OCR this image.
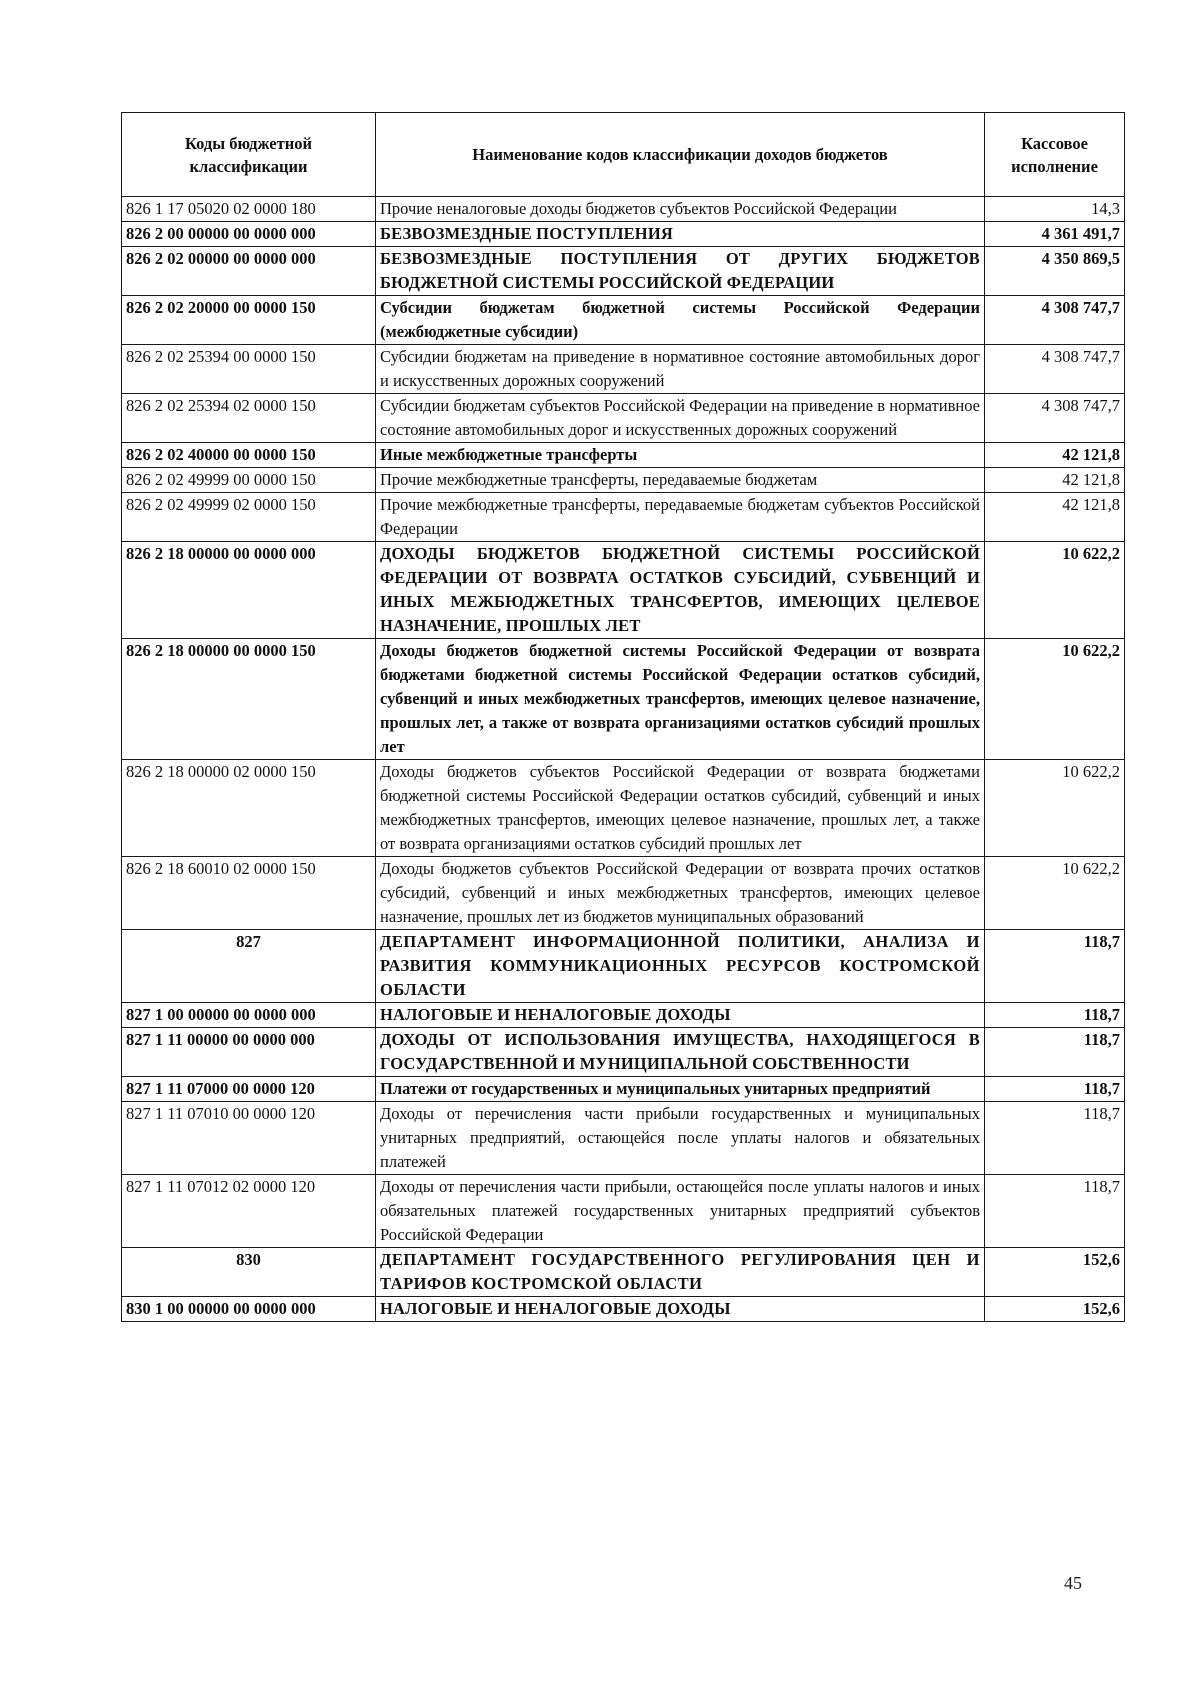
Коды бюджетной классификации	Наименование кодов классификации доходов бюджетов	Кассовое исполнение
826 1 17 05020 02 0000 180	Прочие неналоговые доходы бюджетов субъектов Российской Федерации	14,3
826 2 00 00000 00 0000 000	БЕЗВОЗМЕЗДНЫЕ ПОСТУПЛЕНИЯ	4 361 491,7
826 2 02 00000 00 0000 000	БЕЗВОЗМЕЗДНЫЕ ПОСТУПЛЕНИЯ ОТ ДРУГИХ БЮДЖЕТОВ БЮДЖЕТНОЙ СИСТЕМЫ РОССИЙСКОЙ ФЕДЕРАЦИИ	4 350 869,5
826 2 02 20000 00 0000 150	Субсидии бюджетам бюджетной системы Российской Федерации (межбюджетные субсидии)	4 308 747,7
826 2 02 25394 00 0000 150	Субсидии бюджетам на приведение в нормативное состояние автомобильных дорог и искусственных дорожных сооружений	4 308 747,7
826 2 02 25394 02 0000 150	Субсидии бюджетам субъектов Российской Федерации на приведение в нормативное состояние автомобильных дорог и искусственных дорожных сооружений	4 308 747,7
826 2 02 40000 00 0000 150	Иные межбюджетные трансферты	42 121,8
826 2 02 49999 00 0000 150	Прочие межбюджетные трансферты, передаваемые бюджетам	42 121,8
826 2 02 49999 02 0000 150	Прочие межбюджетные трансферты, передаваемые бюджетам субъектов Российской Федерации	42 121,8
826 2 18 00000 00 0000 000	ДОХОДЫ БЮДЖЕТОВ БЮДЖЕТНОЙ СИСТЕМЫ РОССИЙСКОЙ ФЕДЕРАЦИИ ОТ ВОЗВРАТА ОСТАТКОВ СУБСИДИЙ, СУБВЕНЦИЙ И ИНЫХ МЕЖБЮДЖЕТНЫХ ТРАНСФЕРТОВ, ИМЕЮЩИХ ЦЕЛЕВОЕ НАЗНАЧЕНИЕ, ПРОШЛЫХ ЛЕТ	10 622,2
826 2 18 00000 00 0000 150	Доходы бюджетов бюджетной системы Российской Федерации от возврата бюджетами бюджетной системы Российской Федерации остатков субсидий, субвенций и иных межбюджетных трансфертов, имеющих целевое назначение, прошлых лет, а также от возврата организациями остатков субсидий прошлых лет	10 622,2
826 2 18 00000 02 0000 150	Доходы бюджетов субъектов Российской Федерации от возврата бюджетами бюджетной системы Российской Федерации остатков субсидий, субвенций и иных межбюджетных трансфертов, имеющих целевое назначение, прошлых лет, а также от возврата организациями остатков субсидий прошлых лет	10 622,2
826 2 18 60010 02 0000 150	Доходы бюджетов субъектов Российской Федерации от возврата прочих остатков субсидий, субвенций и иных межбюджетных трансфертов, имеющих целевое назначение, прошлых лет из бюджетов муниципальных образований	10 622,2
827	ДЕПАРТАМЕНТ ИНФОРМАЦИОННОЙ ПОЛИТИКИ, АНАЛИЗА И РАЗВИТИЯ КОММУНИКАЦИОННЫХ РЕСУРСОВ КОСТРОМСКОЙ ОБЛАСТИ	118,7
827 1 00 00000 00 0000 000	НАЛОГОВЫЕ И НЕНАЛОГОВЫЕ ДОХОДЫ	118,7
827 1 11 00000 00 0000 000	ДОХОДЫ ОТ ИСПОЛЬЗОВАНИЯ ИМУЩЕСТВА, НАХОДЯЩЕГОСЯ В ГОСУДАРСТВЕННОЙ И МУНИЦИПАЛЬНОЙ СОБСТВЕННОСТИ	118,7
827 1 11 07000 00 0000 120	Платежи от государственных и муниципальных унитарных предприятий	118,7
827 1 11 07010 00 0000 120	Доходы от перечисления части прибыли государственных и муниципальных унитарных предприятий, остающейся после уплаты налогов и обязательных платежей	118,7
827 1 11 07012 02 0000 120	Доходы от перечисления части прибыли, остающейся после уплаты налогов и иных обязательных платежей государственных унитарных предприятий субъектов Российской Федерации	118,7
830	ДЕПАРТАМЕНТ ГОСУДАРСТВЕННОГО РЕГУЛИРОВАНИЯ ЦЕН И ТАРИФОВ КОСТРОМСКОЙ ОБЛАСТИ	152,6
830 1 00 00000 00 0000 000	НАЛОГОВЫЕ И НЕНАЛОГОВЫЕ ДОХОДЫ	152,6
45
